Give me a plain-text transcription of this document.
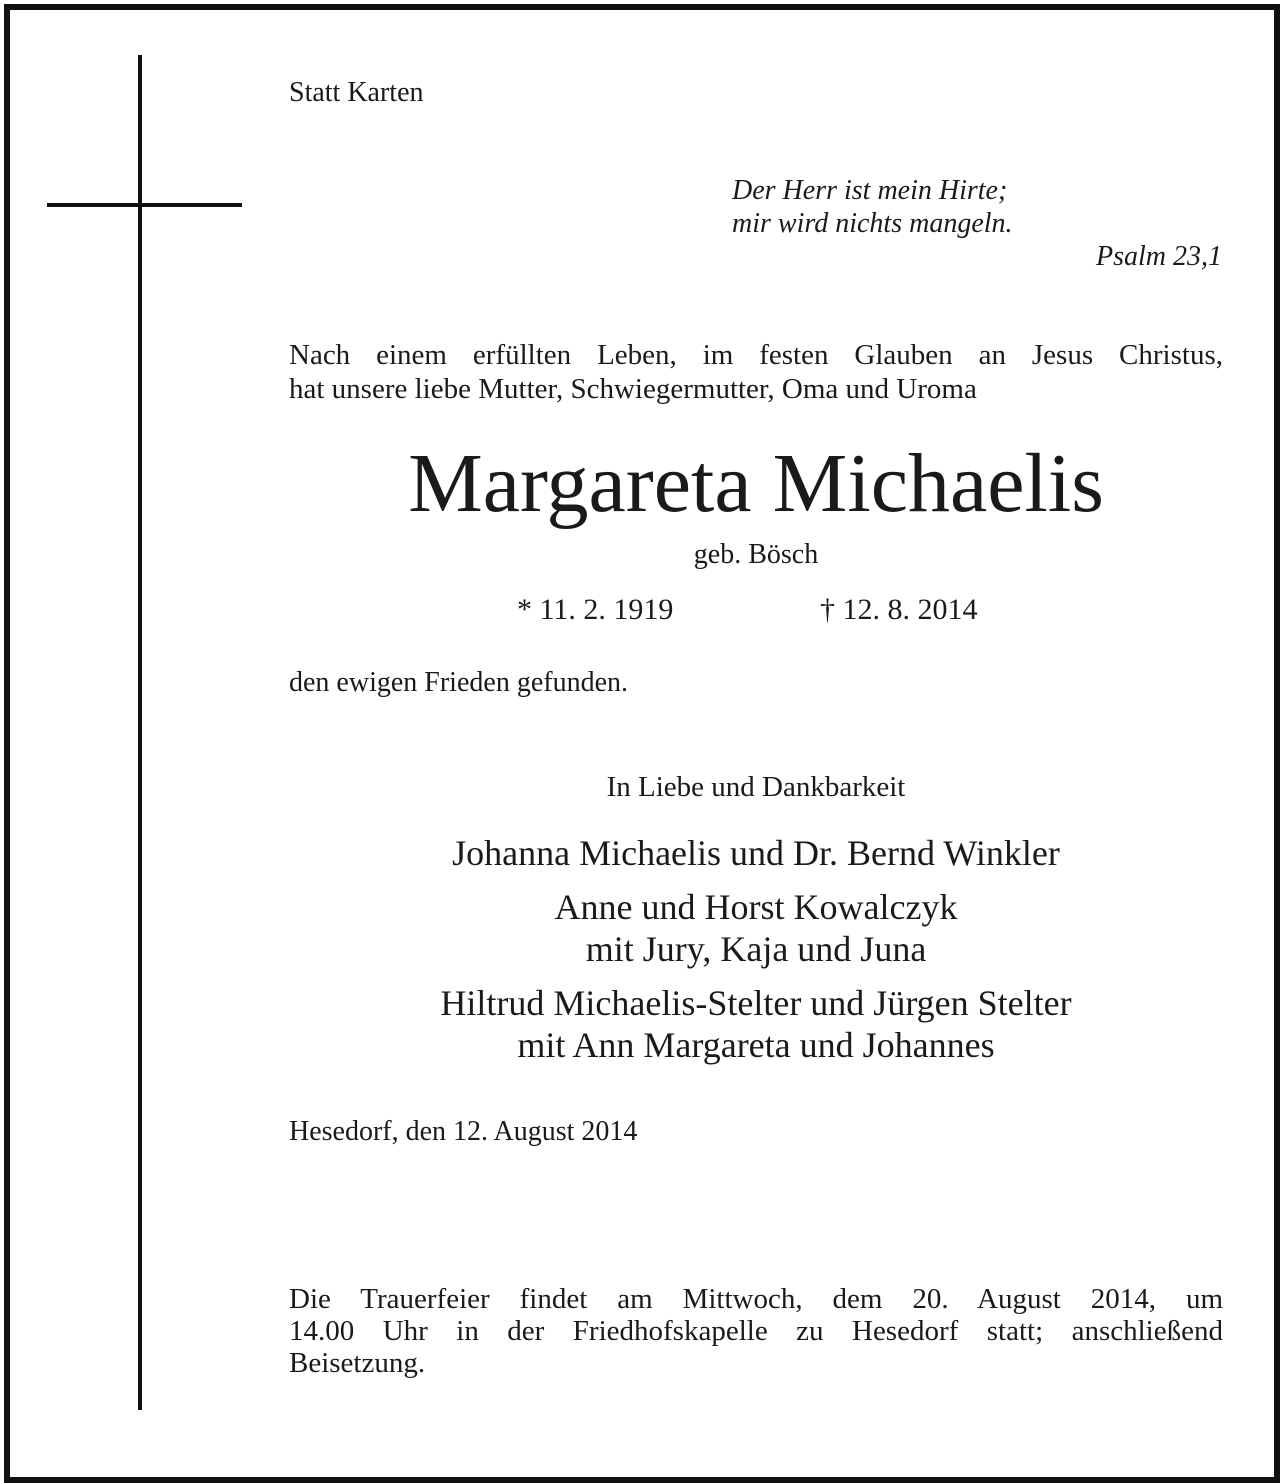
Statt Karten

Der Herr ist mein Hirte;
mir wird nichts mangeln.
Psalm 23,1
Nach einem erfüllten Leben, im festen Glauben an Jesus Christus,
hat unsere liebe Mutter, Schwiegermutter, Oma und Uroma
Margareta Michaelis
geb. Bösch

* 11. 2. 1919	† 12. 8. 2014

den ewigen Frieden gefunden.

In Liebe und Dankbarkeit
Johanna Michaelis und Dr. Bernd Winkler
Anne und Horst Kowalczyk
mit Jury, Kaja und Juna
Hiltrud Michaelis-Stelter und Jürgen Stelter
mit Ann Margareta und Johannes

Hesedorf, den 12. August 2014

Die Trauerfeier findet am Mittwoch, dem 20. August 2014, um
14.00 Uhr in der Friedhofskapelle zu Hesedorf statt; anschließend
Beisetzung.
